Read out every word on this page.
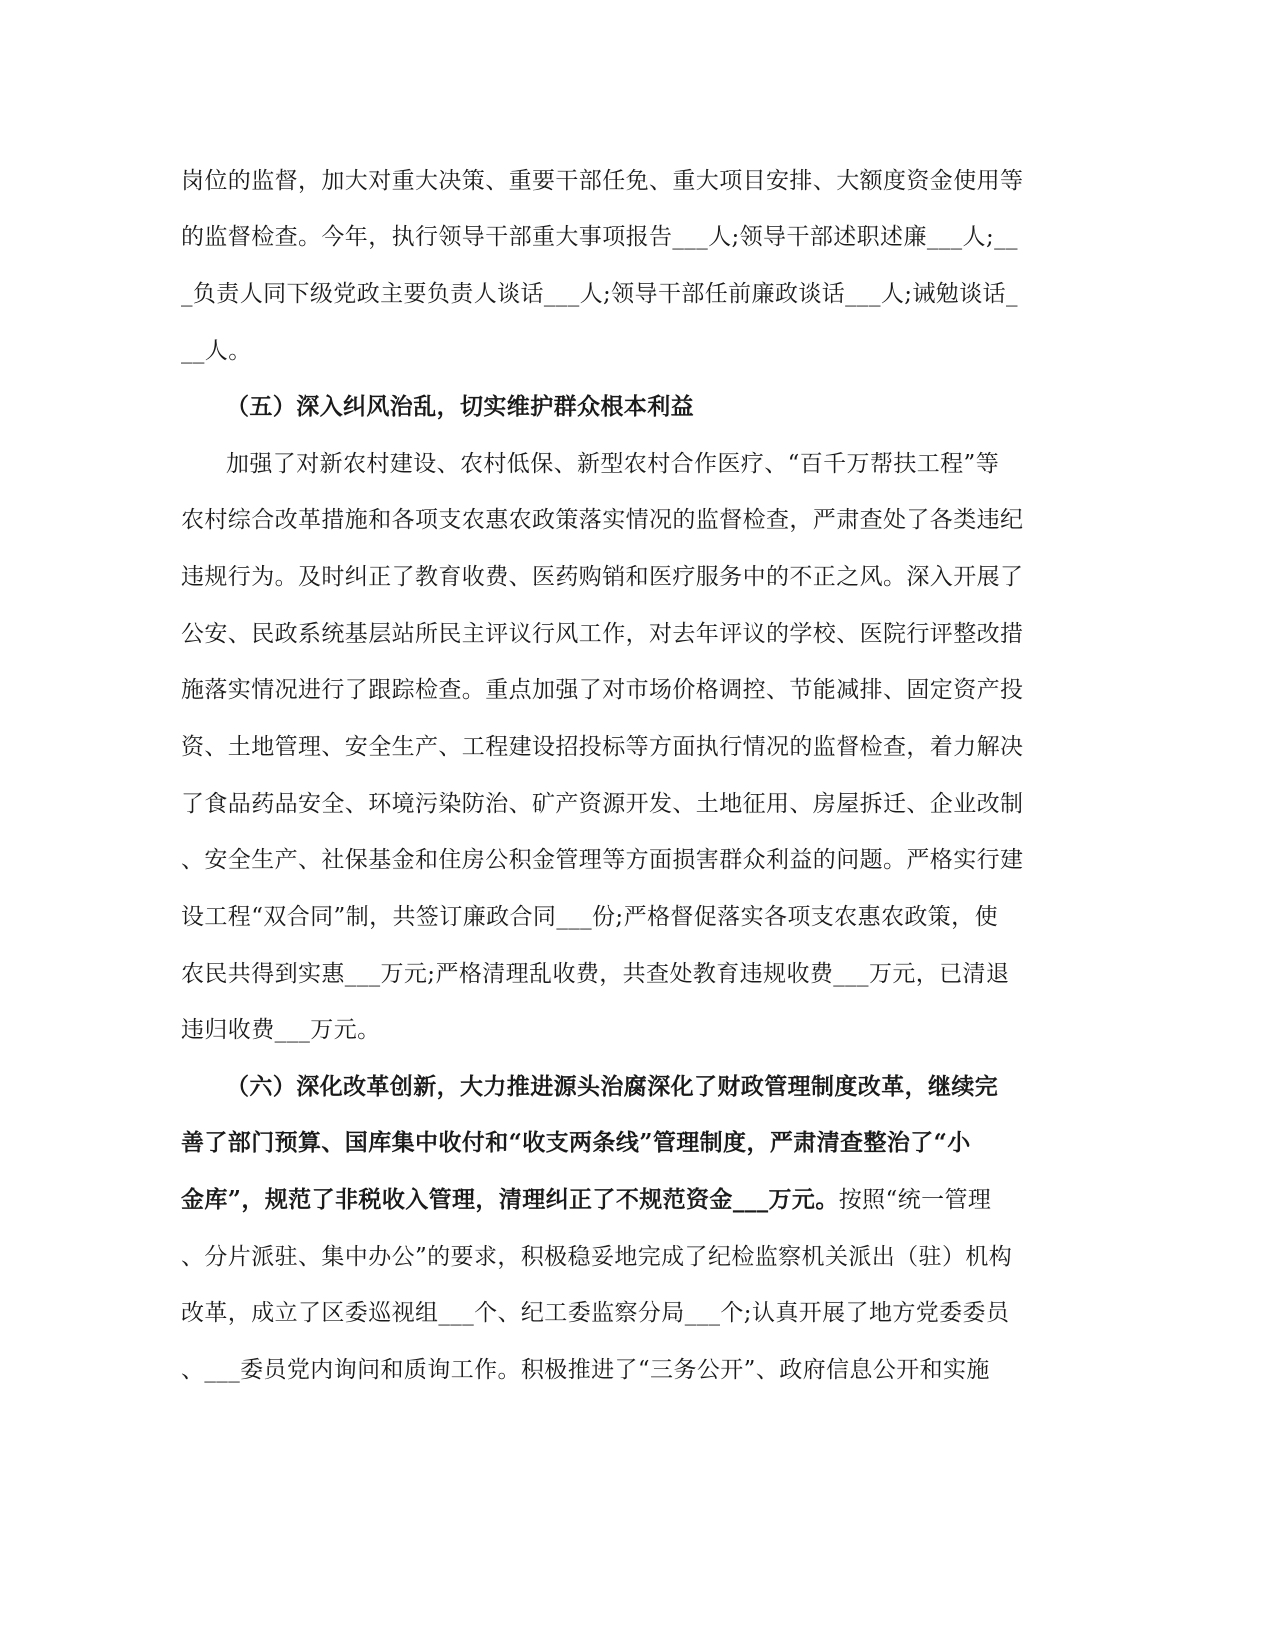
岗位的监督，加大对重大决策、重要干部任免、重大项目安排、大额度资金使用等
的监督检查。今年，执行领导干部重大事项报告___人;领导干部述职述廉___人;__
_负责人同下级党政主要负责人谈话___人;领导干部任前廉政谈话___人;诫勉谈话_
__人。
（五）深入纠风治乱，切实维护群众根本利益
加强了对新农村建设、农村低保、新型农村合作医疗、“百千万帮扶工程”等
农村综合改革措施和各项支农惠农政策落实情况的监督检查，严肃查处了各类违纪
违规行为。及时纠正了教育收费、医药购销和医疗服务中的不正之风。深入开展了
公安、民政系统基层站所民主评议行风工作，对去年评议的学校、医院行评整改措
施落实情况进行了跟踪检查。重点加强了对市场价格调控、节能减排、固定资产投
资、土地管理、安全生产、工程建设招投标等方面执行情况的监督检查，着力解决
了食品药品安全、环境污染防治、矿产资源开发、土地征用、房屋拆迁、企业改制
、安全生产、社保基金和住房公积金管理等方面损害群众利益的问题。严格实行建
设工程“双合同”制，共签订廉政合同___份;严格督促落实各项支农惠农政策，使
农民共得到实惠___万元;严格清理乱收费，共查处教育违规收费___万元，已清退
违归收费___万元。
（六）深化改革创新，大力推进源头治腐深化了财政管理制度改革，继续完
善了部门预算、国库集中收付和“收支两条线”管理制度，严肃清查整治了“小
金库”，规范了非税收入管理，清理纠正了不规范资金___万元。按照“统一管理
、分片派驻、集中办公”的要求，积极稳妥地完成了纪检监察机关派出（驻）机构
改革，成立了区委巡视组___个、纪工委监察分局___个;认真开展了地方党委委员
、___委员党内询问和质询工作。积极推进了“三务公开”、政府信息公开和实施
